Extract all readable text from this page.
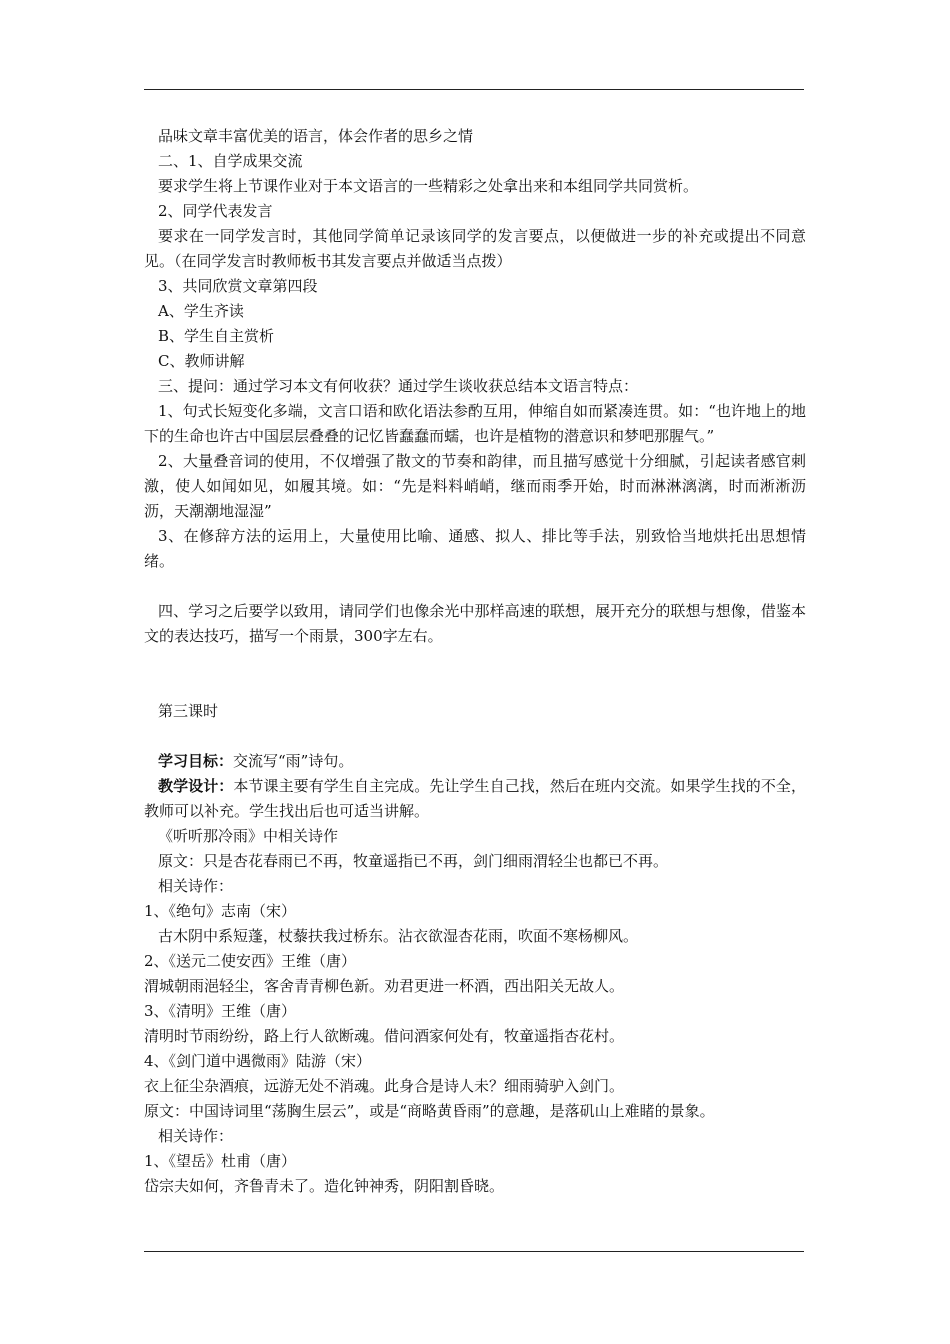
品味文章丰富优美的语言，体会作者的思乡之情

二、1、自学成果交流

要求学生将上节课作业对于本文语言的一些精彩之处拿出来和本组同学共同赏析。

2、同学代表发言

要求在一同学发言时，其他同学简单记录该同学的发言要点，以便做进一步的补充或提出不同意见。（在同学发言时教师板书其发言要点并做适当点拨）

3、共同欣赏文章第四段

A、学生齐读

B、学生自主赏析

C、教师讲解

三、提问：通过学习本文有何收获？通过学生谈收获总结本文语言特点：

1、句式长短变化多端，文言口语和欧化语法参酌互用，伸缩自如而紧凑连贯。如：“也许地上的地下的生命也许古中国层层叠叠的记忆皆蠢蠢而蠕，也许是植物的潜意识和梦吧那腥气。”

2、大量叠音词的使用，不仅增强了散文的节奏和韵律，而且描写感觉十分细腻，引起读者感官刺激，使人如闻如见，如履其境。如：“先是料料峭峭，继而雨季开始，时而淋淋漓漓，时而淅淅沥沥，天潮潮地湿湿”

3、在修辞方法的运用上，大量使用比喻、通感、拟人、排比等手法，别致恰当地烘托出思想情绪。

四、学习之后要学以致用，请同学们也像余光中那样高速的联想，展开充分的联想与想像，借鉴本文的表达技巧，描写一个雨景，300字左右。

第三课时

学习目标：交流写“雨”诗句。

教学设计：本节课主要有学生自主完成。先让学生自己找，然后在班内交流。如果学生找的不全，教师可以补充。学生找出后也可适当讲解。

《听听那冷雨》中相关诗作

原文：只是杏花春雨已不再，牧童遥指已不再，剑门细雨渭轻尘也都已不再。

相关诗作：

1、《绝句》志南（宋）

古木阴中系短蓬，杖藜扶我过桥东。沾衣欲湿杏花雨，吹面不寒杨柳风。

2、《送元二使安西》王维（唐）

渭城朝雨浥轻尘，客舍青青柳色新。劝君更进一杯酒，西出阳关无故人。

3、《清明》王维（唐）

清明时节雨纷纷，路上行人欲断魂。借问酒家何处有，牧童遥指杏花村。

4、《剑门道中遇微雨》陆游（宋）

衣上征尘杂酒痕，远游无处不消魂。此身合是诗人未？细雨骑驴入剑门。

原文：中国诗词里“荡胸生层云”，或是“商略黄昏雨”的意趣，是落矶山上难睹的景象。

相关诗作：

1、《望岳》杜甫（唐）

岱宗夫如何，齐鲁青未了。造化钟神秀，阴阳割昏晓。
